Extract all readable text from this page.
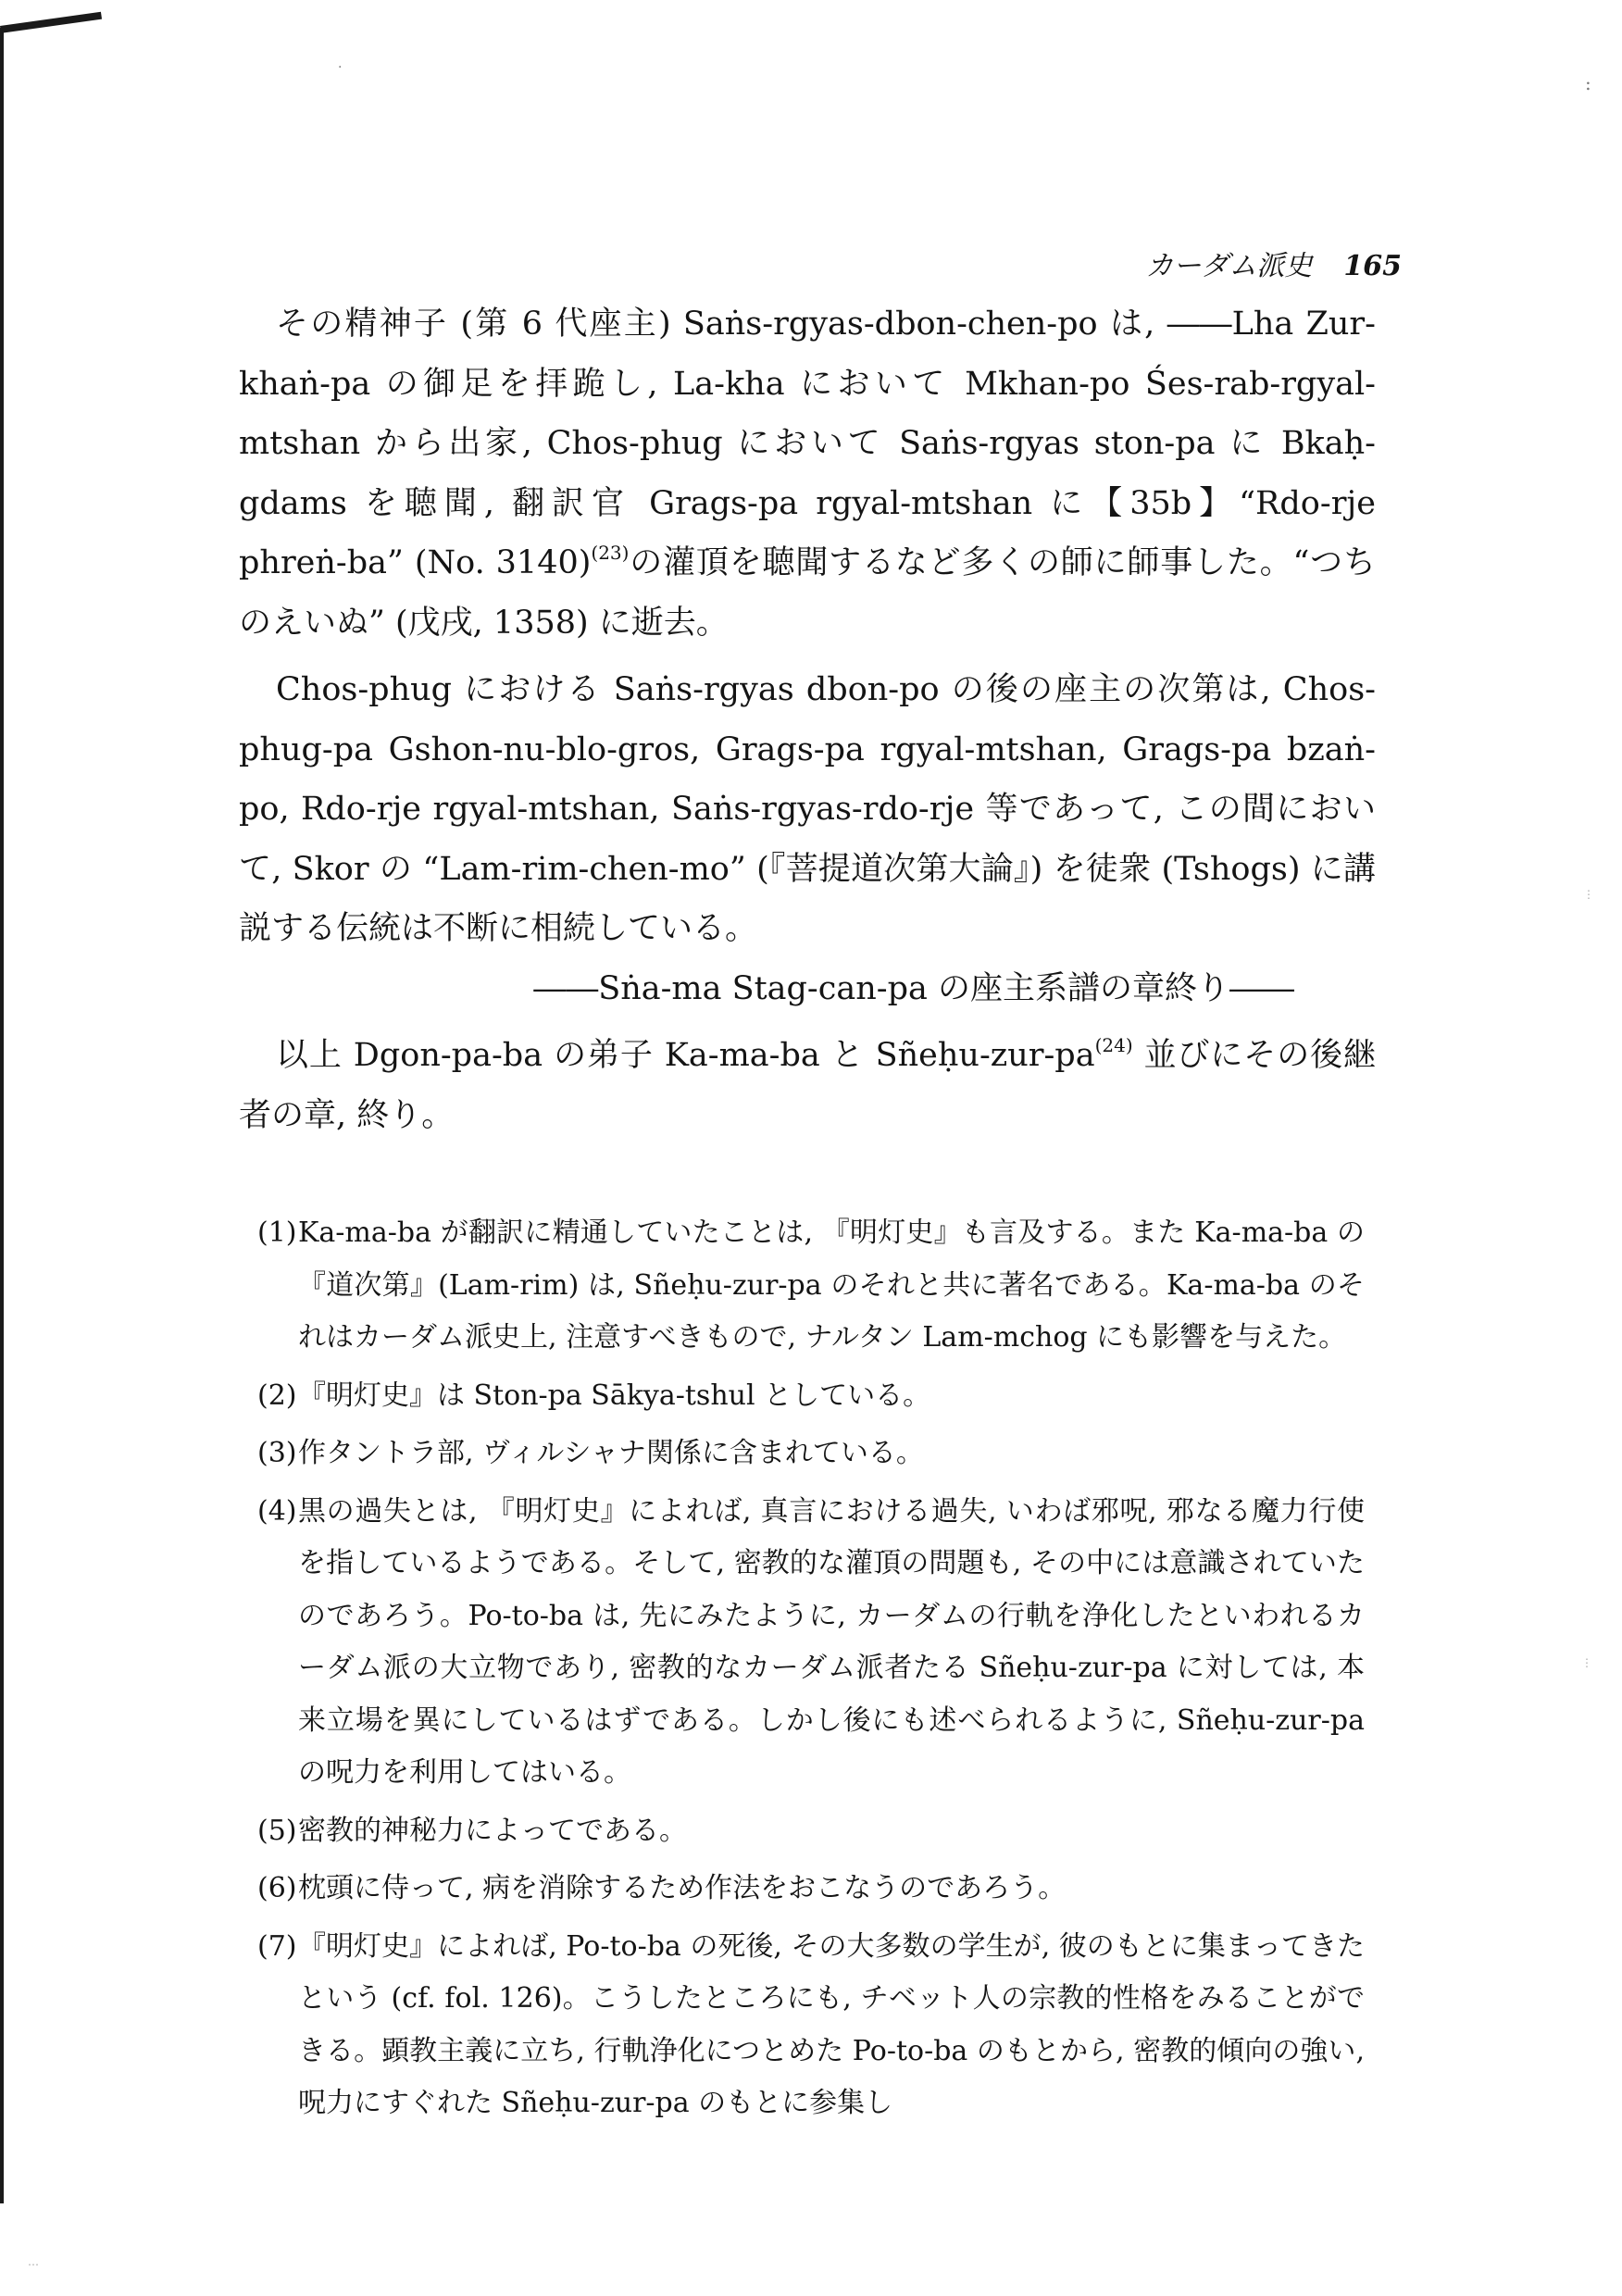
·
:
⋮
⋮
⋯
カーダム派史 165

その精神子 (第 6 代座主) Saṅs-rgyas-dbon-chen-po は, ――Lha Zur-khaṅ-pa の御足を拝跪し, La-kha において Mkhan-po Śes-rab-rgyal-mtshan から出家, Chos-phug において Saṅs-rgyas ston-pa に Bkaḥ-gdams を聴聞, 翻訳官 Grags-pa rgyal-mtshan に【35b】“Rdo-rje phreṅ-ba” (No. 3140)$^{(23)}$の灌頂を聴聞するなど多くの師に師事した。“つちのえいぬ” (戊戌, 1358) に逝去。

Chos-phug における Saṅs-rgyas dbon-po の後の座主の次第は, Chos-phug-pa Gshon-nu-blo-gros, Grags-pa rgyal-mtshan, Grags-pa bzaṅ-po, Rdo-rje rgyal-mtshan, Saṅs-rgyas-rdo-rje 等であって, この間において, Skor の “Lam-rim-chen-mo” (『菩提道次第大論』) を徒衆 (Tshogs) に講説する伝統は不断に相続している。

――Sṅa-ma Stag-can-pa の座主系譜の章終り――

以上 Dgon-pa-ba の弟子 Ka-ma-ba と Sñeḥu-$zur-pa^{(24)}$ 並びにその後継者の章, 終り。

(1) Ka-ma-ba が翻訳に精通していたことは, 『明灯史』も言及する。また Ka-ma-ba の『道次第』(Lam-rim) は, Sñeḥu-zur-pa のそれと共に著名である。Ka-ma-ba のそれはカーダム派史上, 注意すべきもので, ナルタン Lam-mchog にも影響を与えた。
(2) 『明灯史』は Ston-pa Sākya-tshul としている。
(3) 作タントラ部, ヴィルシャナ関係に含まれている。
(4) 黒の過失とは, 『明灯史』によれば, 真言における過失, いわば邪呪, 邪なる魔力行使を指しているようである。そして, 密教的な灌頂の問題も, その中には意識されていたのであろう。Po-to-ba は, 先にみたように, カーダムの行軌を浄化したといわれるカーダム派の大立物であり, 密教的なカーダム派者たる Sñeḥu-zur-pa に対しては, 本来立場を異にしているはずである。しかし後にも述べられるように, Sñeḥu-zur-pa の呪力を利用してはいる。
(5) 密教的神秘力によってである。
(6) 枕頭に侍って, 病を消除するため作法をおこなうのであろう。
(7) 『明灯史』によれば, Po-to-ba の死後, その大多数の学生が, 彼のもとに集まってきたという (cf. fol. 126)。こうしたところにも, チベット人の宗教的性格をみることができる。顕教主義に立ち, 行軌浄化につとめた Po-to-ba のもとから, 密教的傾向の強い, 呪力にすぐれた Sñeḥu-zur-pa のもとに参集し
